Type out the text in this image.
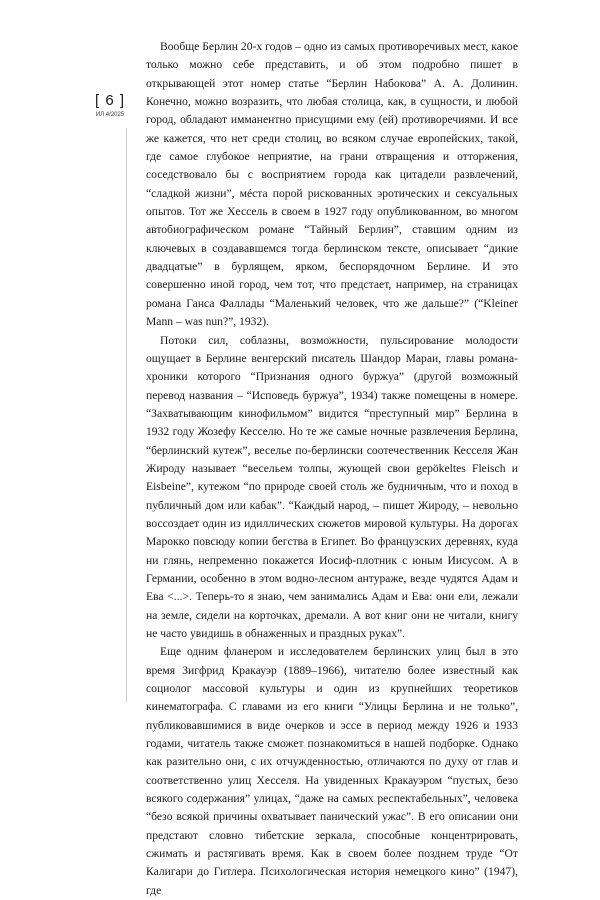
[ 6 ]
ИЛ 4/2025

Вообще Берлин 20-х годов – одно из самых противоречивых мест, какое только можно себе представить, и об этом подробно пишет в открывающей этот номер статье “Берлин Набокова” А. А. Долинин. Конечно, можно возразить, что любая столица, как, в сущности, и любой город, обладают имманентно присущими ему (ей) противоречиями. И все же кажется, что нет среди столиц, во всяком случае европейских, такой, где самое глубокое неприятие, на грани отвращения и отторжения, соседствовало бы с восприятием города как цитадели развлечений, “сладкой жизни”, мéста порой рискованных эротических и сексуальных опытов. Тот же Хессель в своем в 1927 году опубликованном, во многом автобиографическом романе “Тайный Берлин”, ставшим одним из ключевых в создававшемся тогда берлинском тексте, описывает “дикие двадцатые” в бурлящем, ярком, беспорядочном Берлине. И это совершенно иной город, чем тот, что предстает, например, на страницах романа Ганса Фаллады “Маленький человек, что же дальше?” (“Kleiner Mann – was nun?”, 1932).

Потоки сил, соблазны, возможности, пульсирование молодости ощущает в Берлине венгерский писатель Шандор Мараи, главы романа-хроники которого “Признания одного буржуа” (другой возможный перевод названия – “Исповедь буржуа”, 1934) также помещены в номере. “Захватывающим кинофильмом” видится “преступный мир” Берлина в 1932 году Жозефу Кесселю. Но те же самые ночные развлечения Берлина, “берлинский кутеж”, веселье по-берлински соотечественник Кесселя Жан Жироду называет “весельем толпы, жующей свои gepökeltes Fleisch и Eisbeine”, кутежом “по природе своей столь же будничным, что и поход в публичный дом или кабак”. “Каждый народ, – пишет Жироду, – невольно воссоздает один из идиллических сюжетов мировой культуры. На дорогах Марокко повсюду копии бегства в Египет. Во французских деревнях, куда ни глянь, непременно покажется Иосиф-плотник с юным Иисусом. А в Германии, особенно в этом водно-лесном антураже, везде чудятся Адам и Ева <...>. Теперь-то я знаю, чем занимались Адам и Ева: они ели, лежали на земле, сидели на корточках, дремали. А вот книг они не читали, книгу не часто увидишь в обнаженных и праздных руках”.

Еще одним фланером и исследователем берлинских улиц был в это время Зигфрид Кракауэр (1889–1966), читателю более известный как социолог массовой культуры и один из крупнейших теоретиков кинематографа. С главами из его книги “Улицы Берлина и не только”, публиковавшимися в виде очерков и эссе в период между 1926 и 1933 годами, читатель также сможет познакомиться в нашей подборке. Однако как разительно они, с их отчужденностью, отличаются по духу от глав и соответственно улиц Хесселя. На увиденных Кракауэром “пустых, безо всякого содержания” улицах, “даже на самых респектабельных”, человека “безо всякой причины охватывает панический ужас”. В его описании они предстают словно тибетские зеркала, способные концентрировать, сжимать и растягивать время. Как в своем более позднем труде “От Калигари до Гитлера. Психологическая история немецкого кино” (1947), где
